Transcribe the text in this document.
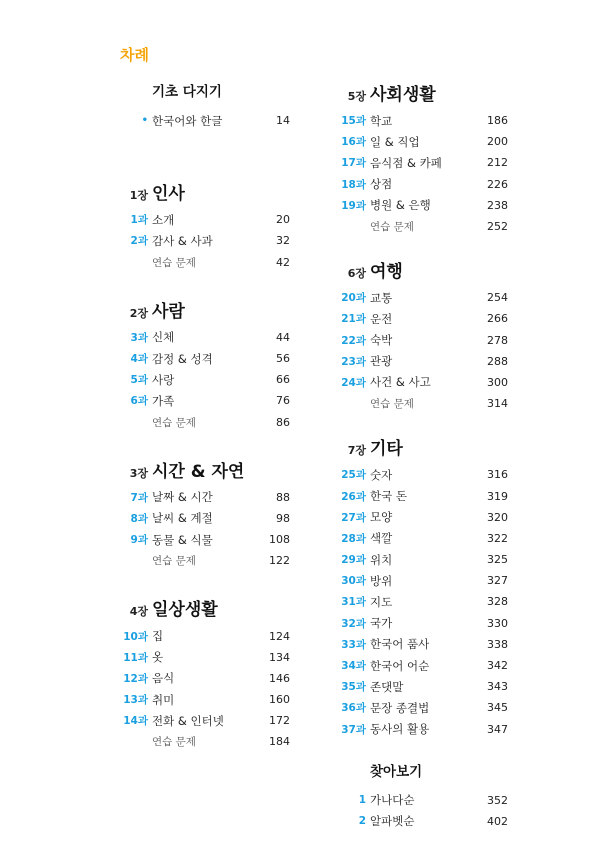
차례
기초 다지기
• 한국어와 한글	14
1장 인사
1과 소개	20
2과 감사 & 사과	32
연습 문제	42
2장 사람
3과 신체	44
4과 감정 & 성격	56
5과 사랑	66
6과 가족	76
연습 문제	86
3장 시간 & 자연
7과 날짜 & 시간	88
8과 날씨 & 계절	98
9과 동물 & 식물	108
연습 문제	122
4장 일상생활
10과 집	124
11과 옷	134
12과 음식	146
13과 취미	160
14과 전화 & 인터넷	172
연습 문제	184
5장 사회생활
15과 학교	186
16과 일 & 직업	200
17과 음식점 & 카페	212
18과 상점	226
19과 병원 & 은행	238
연습 문제	252
6장 여행
20과 교통	254
21과 운전	266
22과 숙박	278
23과 관광	288
24과 사건 & 사고	300
연습 문제	314
7장 기타
25과 숫자	316
26과 한국 돈	319
27과 모양	320
28과 색깔	322
29과 위치	325
30과 방위	327
31과 지도	328
32과 국가	330
33과 한국어 품사	338
34과 한국어 어순	342
35과 존댓말	343
36과 문장 종결법	345
37과 동사의 활용	347
찾아보기
1 가나다순	352
2 알파벳순	402
